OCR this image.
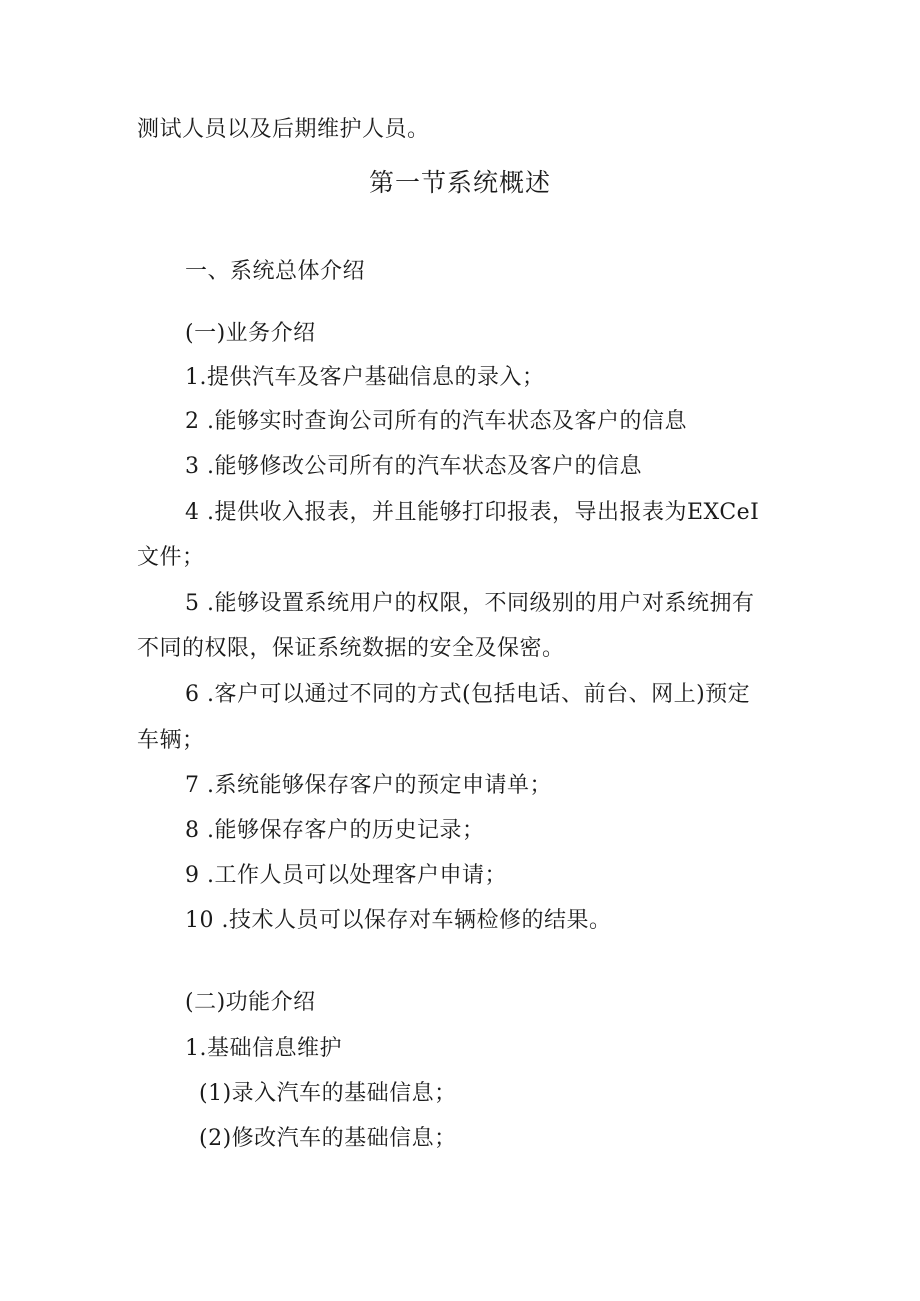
测试人员以及后期维护人员。
第一节系统概述
一、系统总体介绍
(一)业务介绍
1.提供汽车及客户基础信息的录入；
2 .能够实时查询公司所有的汽车状态及客户的信息
3 .能够修改公司所有的汽车状态及客户的信息
4 .提供收入报表，并且能够打印报表，导出报表为EXCeI
文件；
5 .能够设置系统用户的权限，不同级别的用户对系统拥有
不同的权限，保证系统数据的安全及保密。
6 .客户可以通过不同的方式(包括电话、前台、网上)预定
车辆；
7 .系统能够保存客户的预定申请单；
8 .能够保存客户的历史记录；
9 .工作人员可以处理客户申请；
10 .技术人员可以保存对车辆检修的结果。
(二)功能介绍
1.基础信息维护
(1)录入汽车的基础信息；
(2)修改汽车的基础信息；
